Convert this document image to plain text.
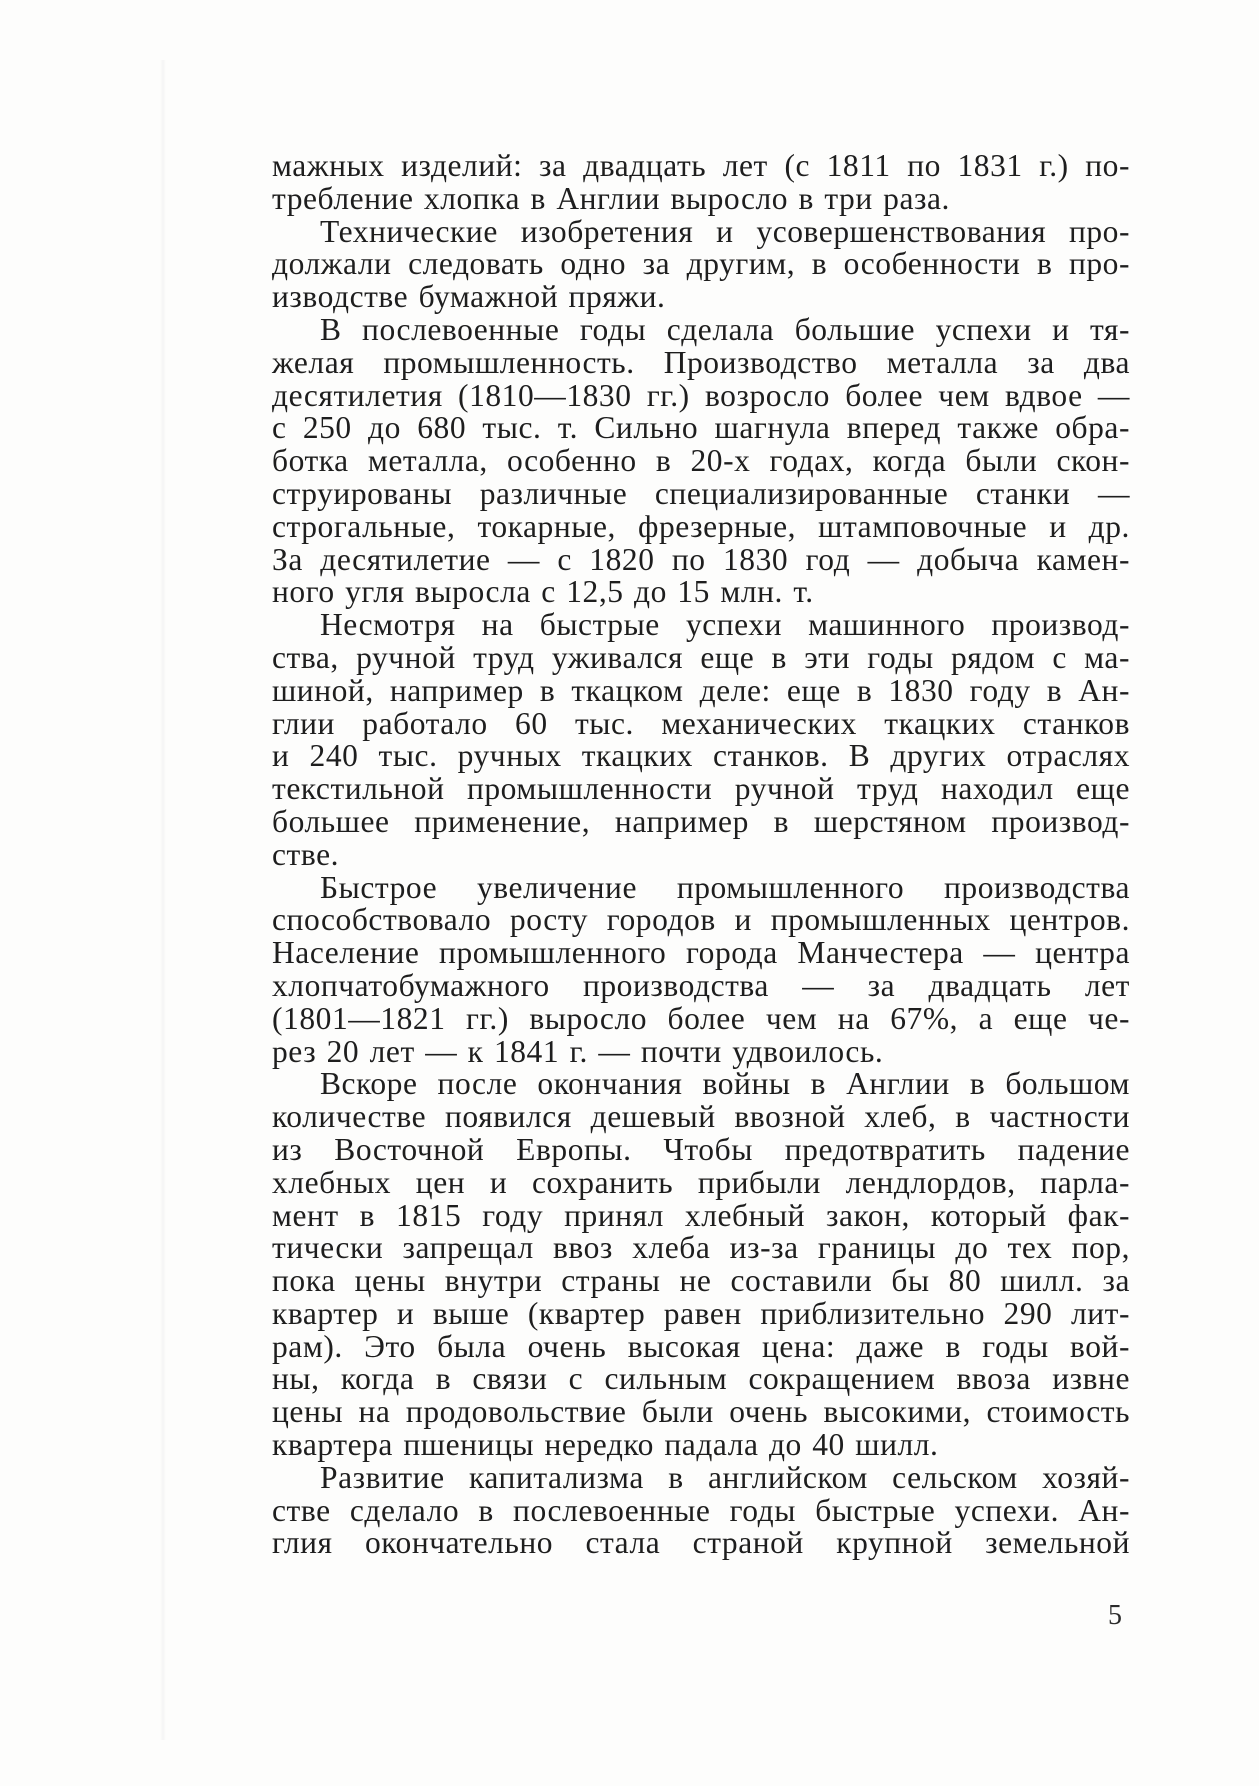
мажных изделий: за двадцать лет (с 1811 по 1831 г.) по-
требление хлопка в Англии выросло в три раза.
Технические изобретения и усовершенствования про-
должали следовать одно за другим, в особенности в про-
изводстве бумажной пряжи.
В послевоенные годы сделала большие успехи и тя-
желая промышленность. Производство металла за два
десятилетия (1810—1830 гг.) возросло более чем вдвое —
с 250 до 680 тыс. т. Сильно шагнула вперед также обра-
ботка металла, особенно в 20-х годах, когда были скон-
струированы различные специализированные станки —
строгальные, токарные, фрезерные, штамповочные и др.
За десятилетие — с 1820 по 1830 год — добыча камен-
ного угля выросла с 12,5 до 15 млн. т.
Несмотря на быстрые успехи машинного производ-
ства, ручной труд уживался еще в эти годы рядом с ма-
шиной, например в ткацком деле: еще в 1830 году в Ан-
глии работало 60 тыс. механических ткацких станков
и 240 тыс. ручных ткацких станков. В других отраслях
текстильной промышленности ручной труд находил еще
большее применение, например в шерстяном производ-
стве.
Быстрое увеличение промышленного производства
способствовало росту городов и промышленных центров.
Население промышленного города Манчестера — центра
хлопчатобумажного производства — за двадцать лет
(1801—1821 гг.) выросло более чем на 67%, а еще че-
рез 20 лет — к 1841 г. — почти удвоилось.
Вскоре после окончания войны в Англии в большом
количестве появился дешевый ввозной хлеб, в частности
из Восточной Европы. Чтобы предотвратить падение
хлебных цен и сохранить прибыли лендлордов, парла-
мент в 1815 году принял хлебный закон, который фак-
тически запрещал ввоз хлеба из-за границы до тех пор,
пока цены внутри страны не составили бы 80 шилл. за
квартер и выше (квартер равен приблизительно 290 лит-
рам). Это была очень высокая цена: даже в годы вой-
ны, когда в связи с сильным сокращением ввоза извне
цены на продовольствие были очень высокими, стоимость
квартера пшеницы нередко падала до 40 шилл.
Развитие капитализма в английском сельском хозяй-
стве сделало в послевоенные годы быстрые успехи. Ан-
глия окончательно стала страной крупной земельной
5
